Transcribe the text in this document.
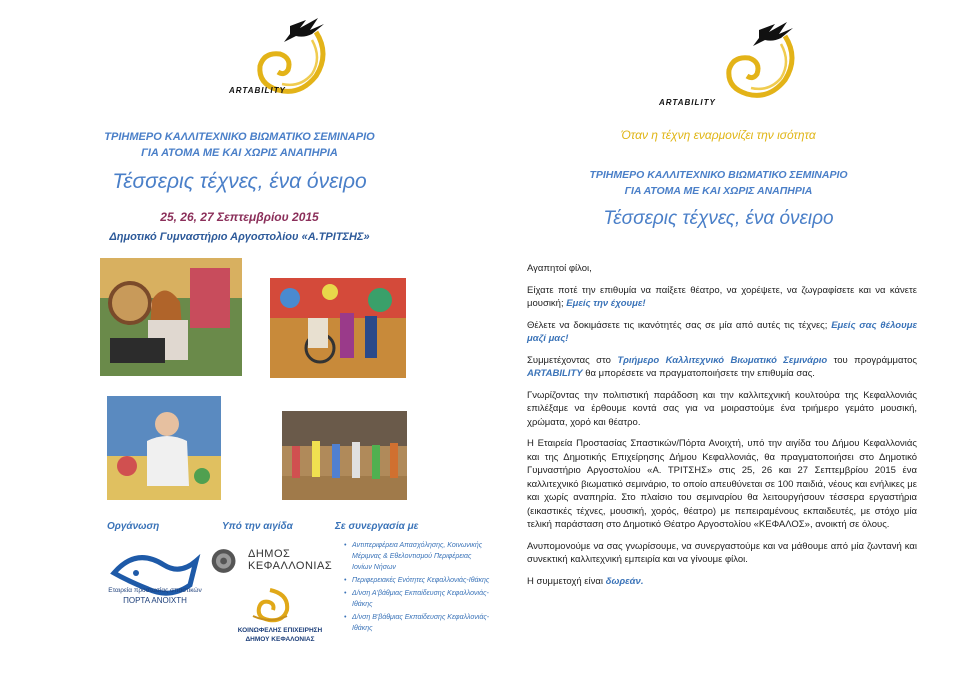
ARTABILITY
ΤΡΙΗΜΕΡΟ ΚΑΛΛΙΤΕΧΝΙΚΟ ΒΙΩΜΑΤΙΚΟ ΣΕΜΙΝΑΡΙΟ
ΓΙΑ ΑΤΟΜΑ ΜΕ ΚΑΙ ΧΩΡΙΣ ΑΝΑΠΗΡΙΑ
Τέσσερις τέχνες, ένα όνειρο
25, 26, 27 Σεπτεμβρίου 2015
Δημοτικό Γυμναστήριο Αργοστολίου «Α.ΤΡΙΤΣΗΣ»
Οργάνωση	Υπό την αιγίδα	Σε συνεργασία με
Εταιρεία προστασίας σπαστικών
ΠΟΡΤΑ ΑΝΟΙΧΤΗ
ΔΗΜΟΣ
ΚΕΦΑΛΛΟΝΙΑΣ
ΚΟΙΝΩΦΕΛΗΣ ΕΠΙΧΕΙΡΗΣΗ
ΔΗΜΟΥ ΚΕΦΑΛΟΝΙΑΣ
• Αντιπεριφέρεια Απασχόλησης, Κοινωνικής Μέριμνας & Εθελοντισμού Περιφέρειας Ιονίων Νήσων
• Περιφερειακές Ενότητες Κεφαλλονιάς-Ιθάκης
• Δ/νση Α'βάθμιας Εκπαίδευσης Κεφαλλονιάς-Ιθάκης
• Δ/νση Β'βάθμιας Εκπαίδευσης Κεφαλλονιάς-Ιθάκης
ARTABILITY
Όταν η τέχνη εναρμονίζει την ισότητα
ΤΡΙΗΜΕΡΟ ΚΑΛΛΙΤΕΧΝΙΚΟ ΒΙΩΜΑΤΙΚΟ ΣΕΜΙΝΑΡΙΟ
ΓΙΑ ΑΤΟΜΑ ΜΕ ΚΑΙ ΧΩΡΙΣ ΑΝΑΠΗΡΙΑ
Τέσσερις τέχνες, ένα όνειρο

Αγαπητοί φίλοι,

Είχατε ποτέ την επιθυμία να παίξετε θέατρο, να χορέψετε, να ζωγραφίσετε και να κάνετε μουσική; Εμείς την έχουμε!

Θέλετε να δοκιμάσετε τις ικανότητές σας σε μία από αυτές τις τέχνες; Εμείς σας θέλουμε μαζί μας!

Συμμετέχοντας στο Τριήμερο Καλλιτεχνικό Βιωματικό Σεμινάριο του προγράμματος ARTABILITY θα μπορέσετε να πραγματοποιήσετε την επιθυμία σας.

Γνωρίζοντας την πολιτιστική παράδοση και την καλλιτεχνική κουλτούρα της Κεφαλλονιάς επιλέξαμε να έρθουμε κοντά σας για να μοιραστούμε ένα τριήμερο γεμάτο μουσική, χρώματα, χορό και θέατρο.

Η Εταιρεία Προστασίας Σπαστικών/Πόρτα Ανοιχτή, υπό την αιγίδα του Δήμου Κεφαλλονιάς και της Δημοτικής Επιχείρησης Δήμου Κεφαλλονιάς, θα πραγματοποιήσει στο Δημοτικό Γυμναστήριο Αργοστολίου «Α. ΤΡΙΤΣΗΣ» στις 25, 26 και 27 Σεπτεμβρίου 2015 ένα καλλιτεχνικό βιωματικό σεμινάριο, το οποίο απευθύνεται σε 100 παιδιά, νέους και ενήλικες με και χωρίς αναπηρία. Στο πλαίσιο του σεμιναρίου θα λειτουργήσουν τέσσερα εργαστήρια (εικαστικές τέχνες, μουσική, χορός, θέατρο) με πεπειραμένους εκπαιδευτές, με στόχο μία τελική παράσταση στο Δημοτικό Θέατρο Αργοστολίου «ΚΕΦΑΛΟΣ», ανοικτή σε όλους.

Ανυπομονούμε να σας γνωρίσουμε, να συνεργαστούμε και να μάθουμε από μία ζωντανή και συνεκτική καλλιτεχνική εμπειρία και να γίνουμε φίλοι.

Η συμμετοχή είναι δωρεάν.
